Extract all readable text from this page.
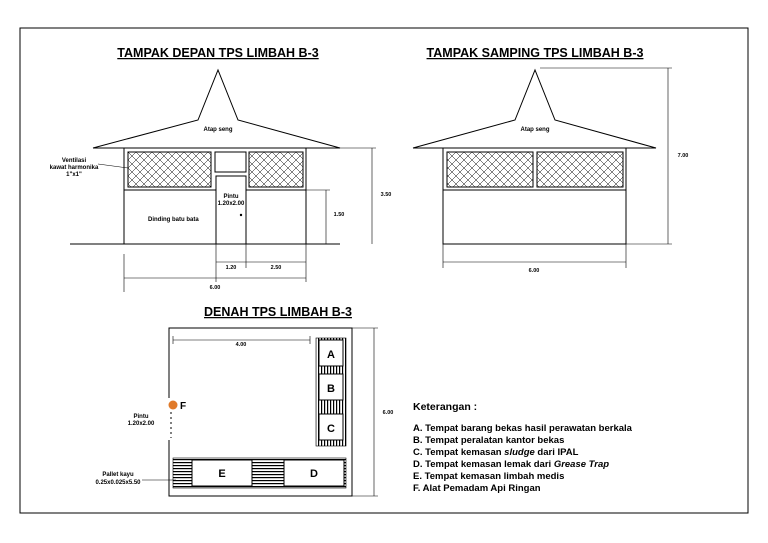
TAMPAK DEPAN TPS LIMBAH B-3
Atap seng
Pintu
1.20x2.00
Dinding batu bata
Ventilasi
kawat harmonika
1"x1"
3.50
1.50
1.20	2.50
6.00
TAMPAK SAMPING TPS LIMBAH B-3
Atap seng
7.00
6.00
DENAH TPS LIMBAH B-3
4.00
A
B
C
E	D
F
Pintu
1.20x2.00
Pallet kayu
0.25x0.025x5.50
6.00 Keterangan :
A. Tempat barang bekas hasil perawatan berkala
B. Tempat peralatan kantor bekas
C. Tempat kemasan sludge dari IPAL
D. Tempat kemasan lemak dari Grease Trap
E. Tempat kemasan limbah medis
F. Alat Pemadam Api Ringan
